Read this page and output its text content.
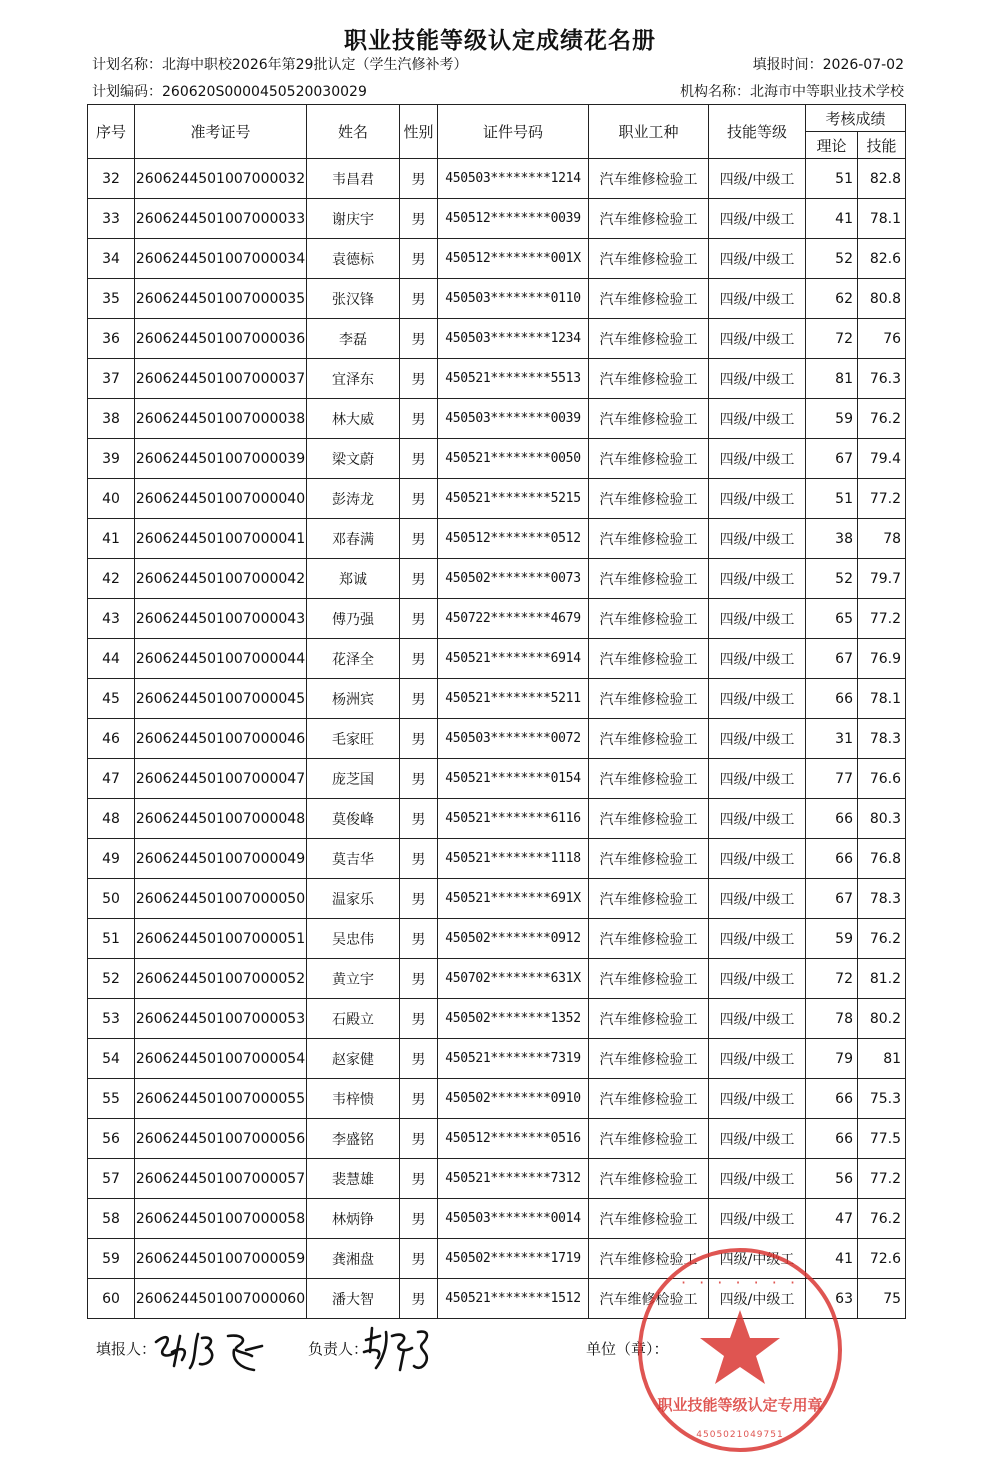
职业技能等级认定成绩花名册
计划名称：北海中职校2026年第29批认定（学生汽修补考）	填报时间：2026-07-02
计划编码：260620S0000450520030029	机构名称：北海市中等职业技术学校
序号	准考证号	姓名	性别	证件号码	职业工种	技能等级	考核成绩	
							理论	技能
32	2606244501007000032	韦昌君	男	450503********1214	汽车维修检验工	四级/中级工	51	82.8
33	2606244501007000033	谢庆宇	男	450512********0039	汽车维修检验工	四级/中级工	41	78.1
34	2606244501007000034	袁德标	男	450512********001X	汽车维修检验工	四级/中级工	52	82.6
35	2606244501007000035	张汉锋	男	450503********0110	汽车维修检验工	四级/中级工	62	80.8
36	2606244501007000036	李磊	男	450503********1234	汽车维修检验工	四级/中级工	72	76
37	2606244501007000037	宜泽东	男	450521********5513	汽车维修检验工	四级/中级工	81	76.3
38	2606244501007000038	林大威	男	450503********0039	汽车维修检验工	四级/中级工	59	76.2
39	2606244501007000039	梁文蔚	男	450521********0050	汽车维修检验工	四级/中级工	67	79.4
40	2606244501007000040	彭涛龙	男	450521********5215	汽车维修检验工	四级/中级工	51	77.2
41	2606244501007000041	邓春满	男	450512********0512	汽车维修检验工	四级/中级工	38	78
42	2606244501007000042	郑诚	男	450502********0073	汽车维修检验工	四级/中级工	52	79.7
43	2606244501007000043	傅乃强	男	450722********4679	汽车维修检验工	四级/中级工	65	77.2
44	2606244501007000044	花泽全	男	450521********6914	汽车维修检验工	四级/中级工	67	76.9
45	2606244501007000045	杨洲宾	男	450521********5211	汽车维修检验工	四级/中级工	66	78.1
46	2606244501007000046	毛家旺	男	450503********0072	汽车维修检验工	四级/中级工	31	78.3
47	2606244501007000047	庞芝国	男	450521********0154	汽车维修检验工	四级/中级工	77	76.6
48	2606244501007000048	莫俊峰	男	450521********6116	汽车维修检验工	四级/中级工	66	80.3
49	2606244501007000049	莫吉华	男	450521********1118	汽车维修检验工	四级/中级工	66	76.8
50	2606244501007000050	温家乐	男	450521********691X	汽车维修检验工	四级/中级工	67	78.3
51	2606244501007000051	吴忠伟	男	450502********0912	汽车维修检验工	四级/中级工	59	76.2
52	2606244501007000052	黄立宇	男	450702********631X	汽车维修检验工	四级/中级工	72	81.2
53	2606244501007000053	石殿立	男	450502********1352	汽车维修检验工	四级/中级工	78	80.2
54	2606244501007000054	赵家健	男	450521********7319	汽车维修检验工	四级/中级工	79	81
55	2606244501007000055	韦梓愦	男	450502********0910	汽车维修检验工	四级/中级工	66	75.3
56	2606244501007000056	李盛铭	男	450512********0516	汽车维修检验工	四级/中级工	66	77.5
57	2606244501007000057	裴慧雄	男	450521********7312	汽车维修检验工	四级/中级工	56	77.2
58	2606244501007000058	林炳铮	男	450503********0014	汽车维修检验工	四级/中级工	47	76.2
59	2606244501007000059	龚湘盘	男	450502********1719	汽车维修检验工	四级/中级工	41	72.6
60	2606244501007000060	潘大智	男	450521********1512	汽车维修检验工	四级/中级工	63	75
填报人：	负责人：	单位（章）：
职业技能等级认定专用章
4505021049751
· · · · · · ·
